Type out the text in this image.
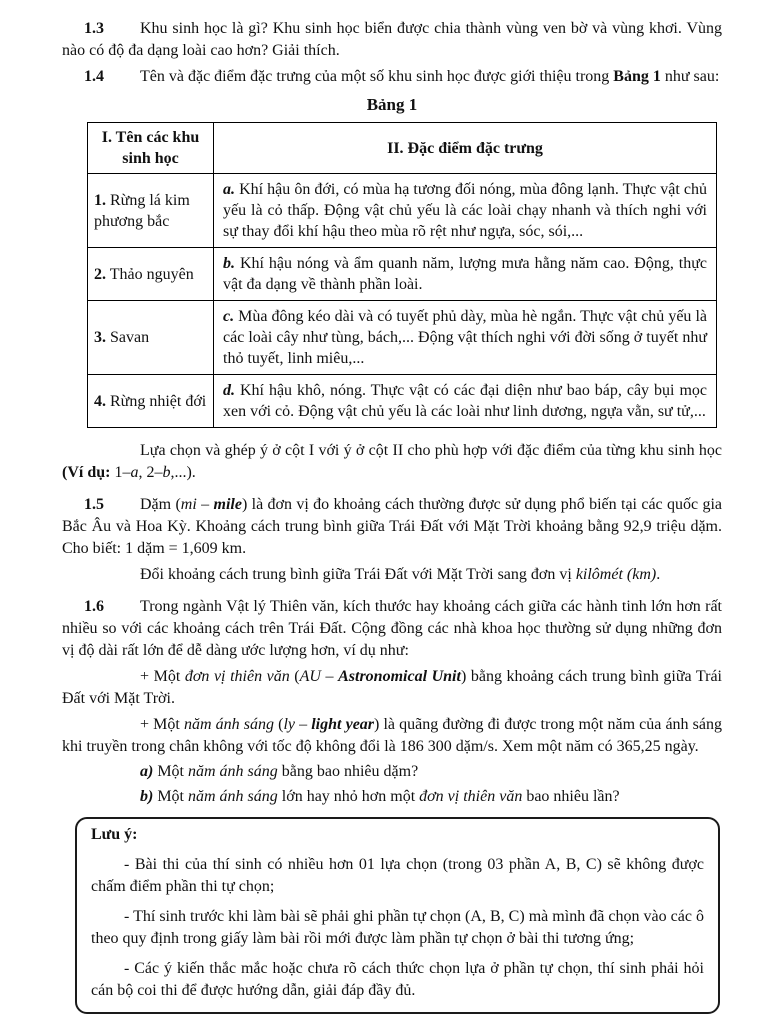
1.3 Khu sinh học là gì? Khu sinh học biển được chia thành vùng ven bờ và vùng khơi. Vùng nào có độ đa dạng loài cao hơn? Giải thích.

1.4 Tên và đặc điểm đặc trưng của một số khu sinh học được giới thiệu trong Bảng 1 như sau:

Bảng 1
I. Tên các khu sinh học	II. Đặc điểm đặc trưng
1. Rừng lá kim phương bắc	a. Khí hậu ôn đới, có mùa hạ tương đối nóng, mùa đông lạnh. Thực vật chủ yếu là cỏ thấp. Động vật chủ yếu là các loài chạy nhanh và thích nghi với sự thay đổi khí hậu theo mùa rõ rệt như ngựa, sóc, sói,...
2. Thảo nguyên	b. Khí hậu nóng và ẩm quanh năm, lượng mưa hằng năm cao. Động, thực vật đa dạng về thành phần loài.
3. Savan	c. Mùa đông kéo dài và có tuyết phủ dày, mùa hè ngắn. Thực vật chủ yếu là các loài cây như tùng, bách,... Động vật thích nghi với đời sống ở tuyết như thỏ tuyết, linh miêu,...
4. Rừng nhiệt đới	d. Khí hậu khô, nóng. Thực vật có các đại diện như bao báp, cây bụi mọc xen với cỏ. Động vật chủ yếu là các loài như linh dương, ngựa vằn, sư tử,...

Lựa chọn và ghép ý ở cột I với ý ở cột II cho phù hợp với đặc điểm của từng khu sinh học (Ví dụ: 1–a, 2–b,...).

1.5 Dặm (mi – mile) là đơn vị đo khoảng cách thường được sử dụng phổ biến tại các quốc gia Bắc Âu và Hoa Kỳ. Khoảng cách trung bình giữa Trái Đất với Mặt Trời khoảng bằng 92,9 triệu dặm. Cho biết: 1 dặm = 1,609 km.

Đổi khoảng cách trung bình giữa Trái Đất với Mặt Trời sang đơn vị kilômét (km).

1.6 Trong ngành Vật lý Thiên văn, kích thước hay khoảng cách giữa các hành tinh lớn hơn rất nhiều so với các khoảng cách trên Trái Đất. Cộng đồng các nhà khoa học thường sử dụng những đơn vị độ dài rất lớn để dễ dàng ước lượng hơn, ví dụ như:

+ Một đơn vị thiên văn (AU – Astronomical Unit) bằng khoảng cách trung bình giữa Trái Đất với Mặt Trời.

+ Một năm ánh sáng (ly – light year) là quãng đường đi được trong một năm của ánh sáng khi truyền trong chân không với tốc độ không đổi là 186 300 dặm/s. Xem một năm có 365,25 ngày.

a) Một năm ánh sáng bằng bao nhiêu dặm?

b) Một năm ánh sáng lớn hay nhỏ hơn một đơn vị thiên văn bao nhiêu lần?

Lưu ý:

- Bài thi của thí sinh có nhiều hơn 01 lựa chọn (trong 03 phần A, B, C) sẽ không được chấm điểm phần thi tự chọn;

- Thí sinh trước khi làm bài sẽ phải ghi phần tự chọn (A, B, C) mà mình đã chọn vào các ô theo quy định trong giấy làm bài rồi mới được làm phần tự chọn ở bài thi tương ứng;

- Các ý kiến thắc mắc hoặc chưa rõ cách thức chọn lựa ở phần tự chọn, thí sinh phải hỏi cán bộ coi thi để được hướng dẫn, giải đáp đầy đủ.
